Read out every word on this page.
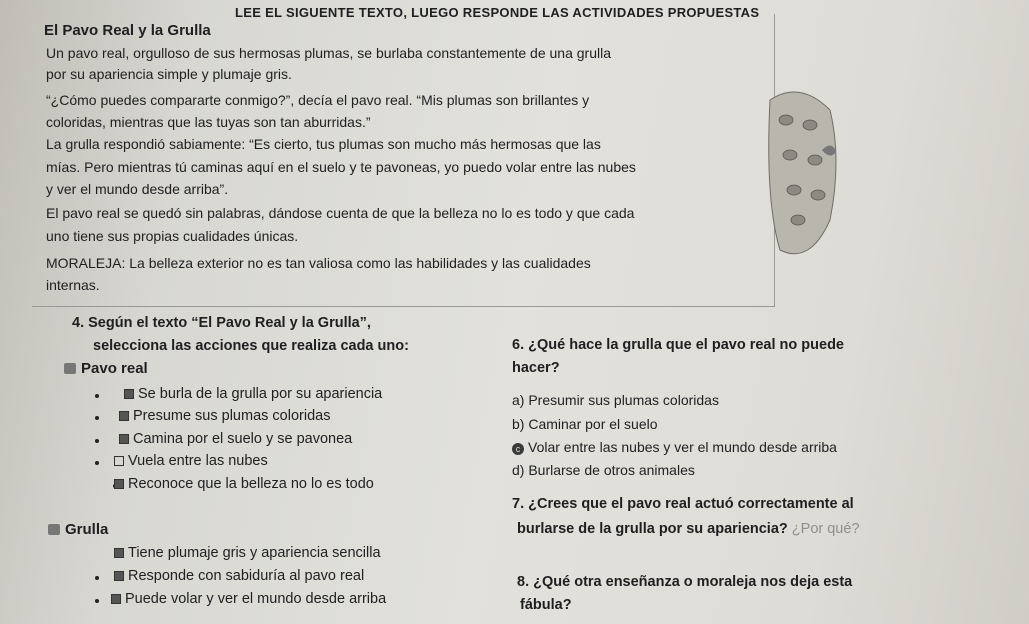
LEE EL SIGUENTE TEXTO, LUEGO RESPONDE LAS ACTIVIDADES PROPUESTAS
El Pavo Real y la Grulla
Un pavo real, orgulloso de sus hermosas plumas, se burlaba constantemente de una grulla
por su apariencia simple y plumaje gris.
“¿Cómo puedes compararte conmigo?”, decía el pavo real. “Mis plumas son brillantes y
coloridas, mientras que las tuyas son tan aburridas.”
La grulla respondió sabiamente: “Es cierto, tus plumas son mucho más hermosas que las
mías. Pero mientras tú caminas aquí en el suelo y te pavoneas, yo puedo volar entre las nubes
y ver el mundo desde arriba”.
El pavo real se quedó sin palabras, dándose cuenta de que la belleza no lo es todo y que cada
uno tiene sus propias cualidades únicas.
MORALEJA: La belleza exterior no es tan valiosa como las habilidades y las cualidades
internas.
4. Según el texto “El Pavo Real y la Grulla”,
selecciona las acciones que realiza cada uno:
Pavo real
Se burla de la grulla por su apariencia
Presume sus plumas coloridas
Camina por el suelo y se pavonea
Vuela entre las nubes
Reconoce que la belleza no lo es todo
Grulla
Tiene plumaje gris y apariencia sencilla
Responde con sabiduría al pavo real
Puede volar y ver el mundo desde arriba
6. ¿Qué hace la grulla que el pavo real no puede
hacer?
a) Presumir sus plumas coloridas
b) Caminar por el suelo
c Volar entre las nubes y ver el mundo desde arriba
d) Burlarse de otros animales
7. ¿Crees que el pavo real actuó correctamente al
burlarse de la grulla por su apariencia? ¿Por qué?
8. ¿Qué otra enseñanza o moraleja nos deja esta
fábula?
